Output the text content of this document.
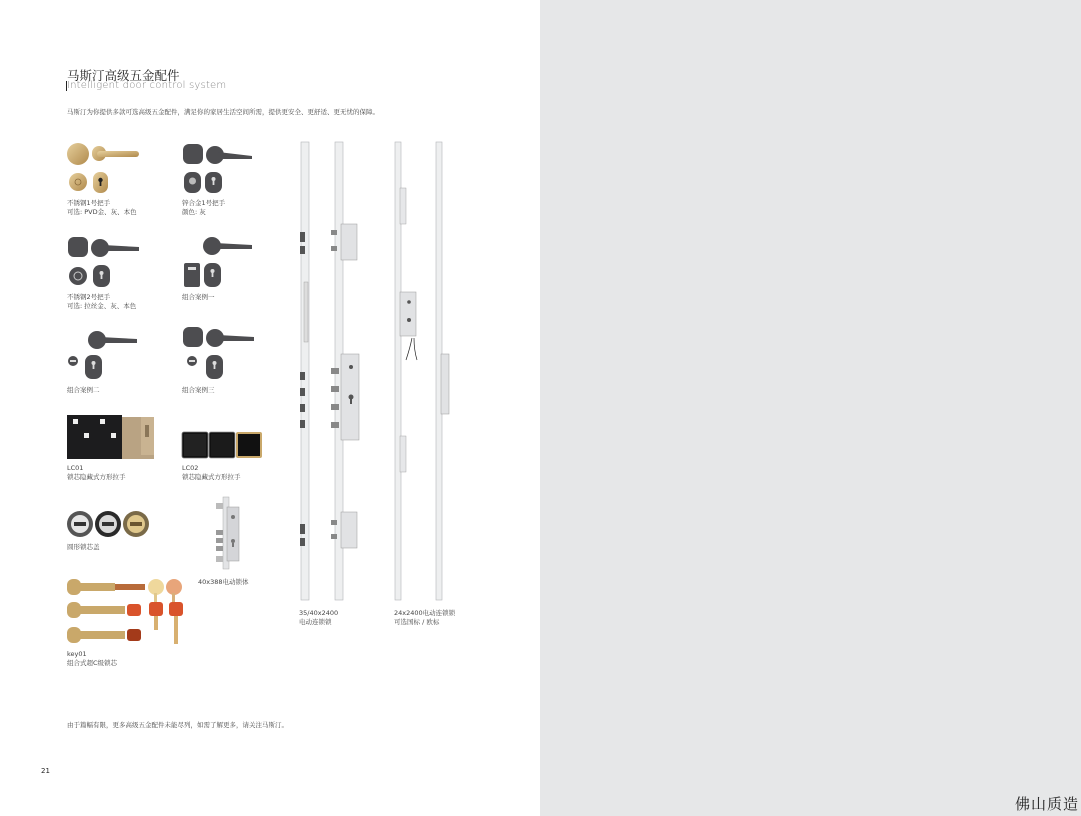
佛山质造
马斯汀高级五金配件
Intelligent door control system
马斯汀为你提供多款可选高级五金配件，满足你的家居生活空间所需，提供更安全、更舒适、更无忧的保障。
不锈钢1号把手
可选: PVD金、灰、本色
锌合金1号把手
颜色: 灰
不锈钢2号把手
可选: 拉丝金、灰、本色
组合案例一
组合案例二	组合案例三
LC01
锁芯隐藏式方形拉手
LC02
锁芯隐藏式方形拉手
圆形锁芯盖
40x388电动锁体
key01
组合式超C级锁芯
35/40x2400
电动连锁锁
24x2400电动连锁锁
可选国标 / 欧标
由于篇幅有限，更多高级五金配件未能尽列，如需了解更多，请关注马斯汀。
21
